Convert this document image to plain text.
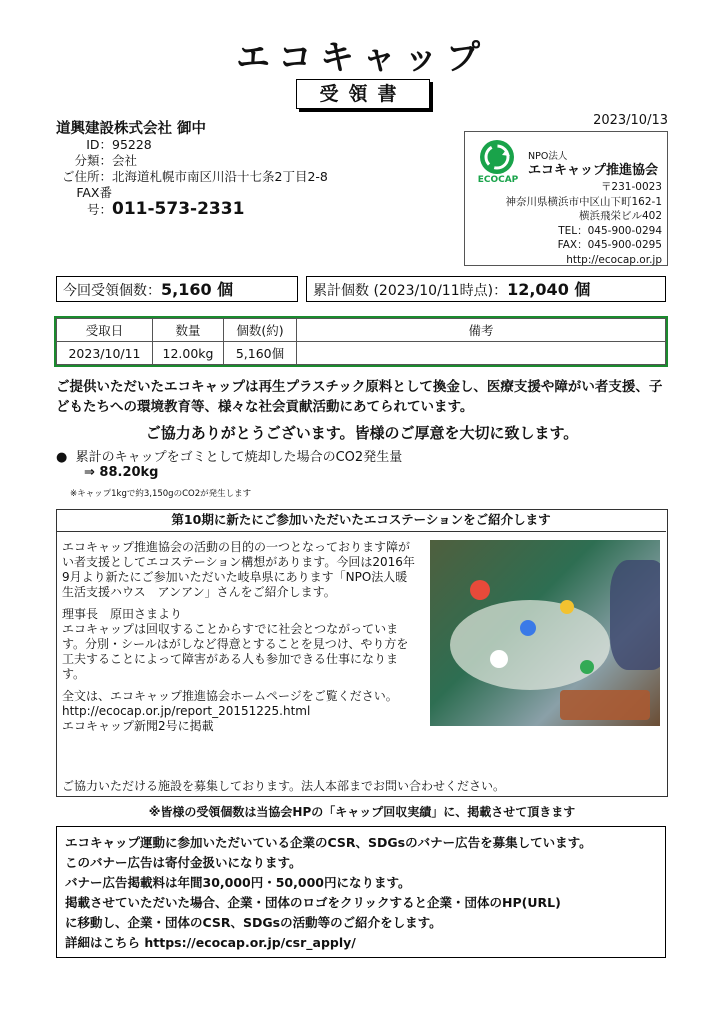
エコキャップ
受領書
2023/10/13
道興建設株式会社 御中
ID：95228
分類：会社
ご住所：北海道札幌市南区川沿十七条2丁目2-8
FAX番号：011-573-2331
ECOCAP
NPO法人
エコキャップ推進協会
〒231-0023
神奈川県横浜市中区山下町162-1
横浜飛栄ビル402
TEL：045-900-0294
FAX：045-900-0295
http://ecocap.or.jp
今回受領個数：5,160 個	累計個数 (2023/10/11時点)：12,040 個
受取日	数量	個数(約)	備考
2023/10/11	12.00kg	5,160個	
ご提供いただいたエコキャップは再生プラスチック原料として換金し、医療支援や障がい者支援、子どもたちへの環境教育等、様々な社会貢献活動にあてられています。
ご協力ありがとうございます。皆様のご厚意を大切に致します。
●  累計のキャップをゴミとして焼却した場合のCO2発生量
⇒ 88.20kg
※キャップ1kgで約3,150gのCO2が発生します
第10期に新たにご参加いただいたエコステーションをご紹介します

エコキャップ推進協会の活動の目的の一つとなっております障がい者支援としてエコステーション構想があります。今回は2016年9月より新たにご参加いただいた岐阜県にあります「NPO法人暖　生活支援ハウス　アンアン」さんをご紹介します。

理事長　原田さまより

エコキャップは回収することからすでに社会とつながっています。分別・シールはがしなど得意とすることを見つけ、やり方を工夫することによって障害がある人も参加できる仕事になります。

全文は、エコキャップ推進協会ホームページをご覧ください。
http://ecocap.or.jp/report_20151225.html
エコキャップ新聞2号に掲載
ご協力いただける施設を募集しております。法人本部までお問い合わせください。
※皆様の受領個数は当協会HPの「キャップ回収実績」に、掲載させて頂きます
エコキャップ運動に参加いただいている企業のCSR、SDGsのバナー広告を募集しています。
このバナー広告は寄付金扱いになります。
バナー広告掲載料は年間30,000円・50,000円になります。
掲載させていただいた場合、企業・団体のロゴをクリックすると企業・団体のHP(URL)
に移動し、企業・団体のCSR、SDGsの活動等のご紹介をします。
詳細はこちら https://ecocap.or.jp/csr_apply/
